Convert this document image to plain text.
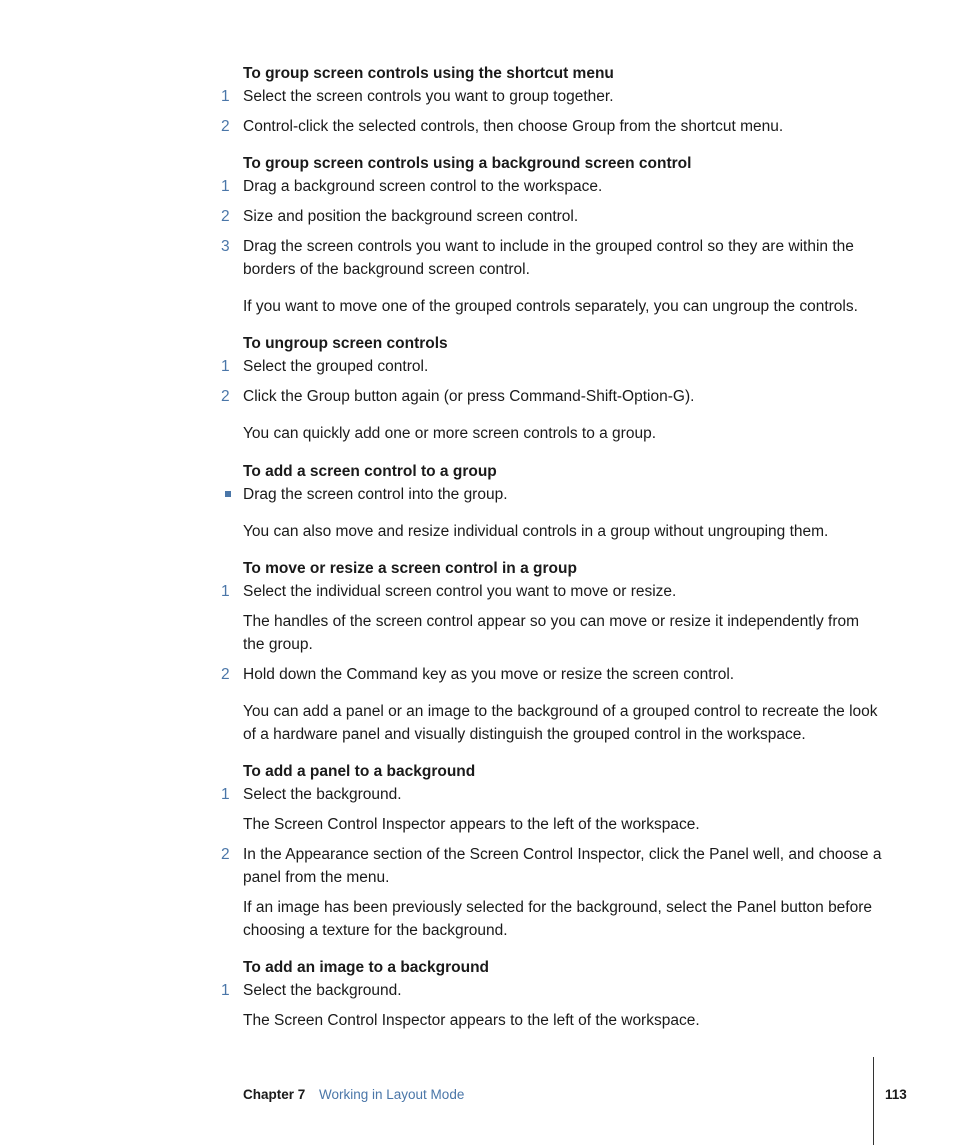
To group screen controls using the shortcut menu
1 Select the screen controls you want to group together.
2 Control-click the selected controls, then choose Group from the shortcut menu.
To group screen controls using a background screen control
1 Drag a background screen control to the workspace.
2 Size and position the background screen control.
3 Drag the screen controls you want to include in the grouped control so they are within the borders of the background screen control.
If you want to move one of the grouped controls separately, you can ungroup the controls.
To ungroup screen controls
1 Select the grouped control.
2 Click the Group button again (or press Command-Shift-Option-G).
You can quickly add one or more screen controls to a group.
To add a screen control to a group
Drag the screen control into the group.
You can also move and resize individual controls in a group without ungrouping them.
To move or resize a screen control in a group
1 Select the individual screen control you want to move or resize.
The handles of the screen control appear so you can move or resize it independently from the group.
2 Hold down the Command key as you move or resize the screen control.
You can add a panel or an image to the background of a grouped control to recreate the look of a hardware panel and visually distinguish the grouped control in the workspace.
To add a panel to a background
1 Select the background.
The Screen Control Inspector appears to the left of the workspace.
2 In the Appearance section of the Screen Control Inspector, click the Panel well, and choose a panel from the menu.
If an image has been previously selected for the background, select the Panel button before choosing a texture for the background.
To add an image to a background
1 Select the background.
The Screen Control Inspector appears to the left of the workspace.
Chapter 7 Working in Layout Mode	113
